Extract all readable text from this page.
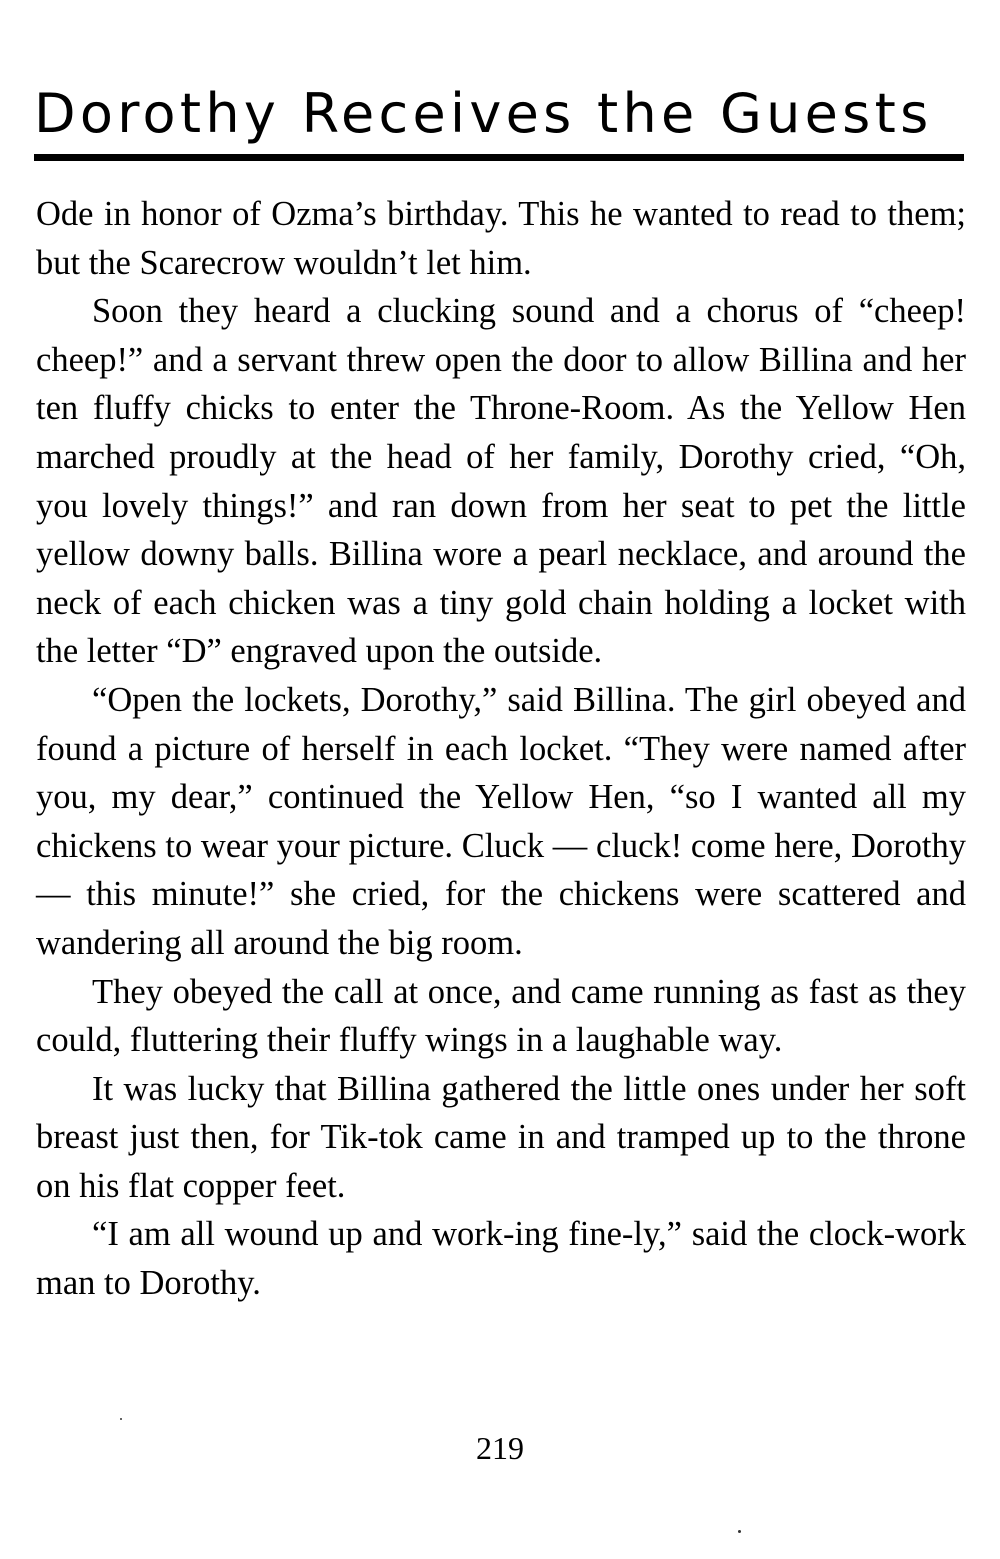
Dorothy Receives the Guests

Ode in honor of Ozma’s birthday. This he wanted to read to them; but the Scarecrow wouldn’t let him.

Soon they heard a clucking sound and a chorus of “cheep! cheep!” and a servant threw open the door to allow Billina and her ten fluffy chicks to enter the Throne-Room. As the Yellow Hen marched proudly at the head of her family, Dorothy cried, “Oh, you lovely things!” and ran down from her seat to pet the little yellow downy balls. Billina wore a pearl necklace, and around the neck of each chicken was a tiny gold chain holding a locket with the letter “D” engraved upon the outside.

“Open the lockets, Dorothy,” said Billina. The girl obeyed and found a picture of herself in each locket. “They were named after you, my dear,” continued the Yellow Hen, “so I wanted all my chickens to wear your picture. Cluck — cluck! come here, Dorothy — this minute!” she cried, for the chickens were scattered and wandering all around the big room.

They obeyed the call at once, and came running as fast as they could, fluttering their fluffy wings in a laughable way.

It was lucky that Billina gathered the little ones under her soft breast just then, for Tik-tok came in and tramped up to the throne on his flat copper feet.

“I am all wound up and work-ing fine-ly,” said the clock-work man to Dorothy.

219
